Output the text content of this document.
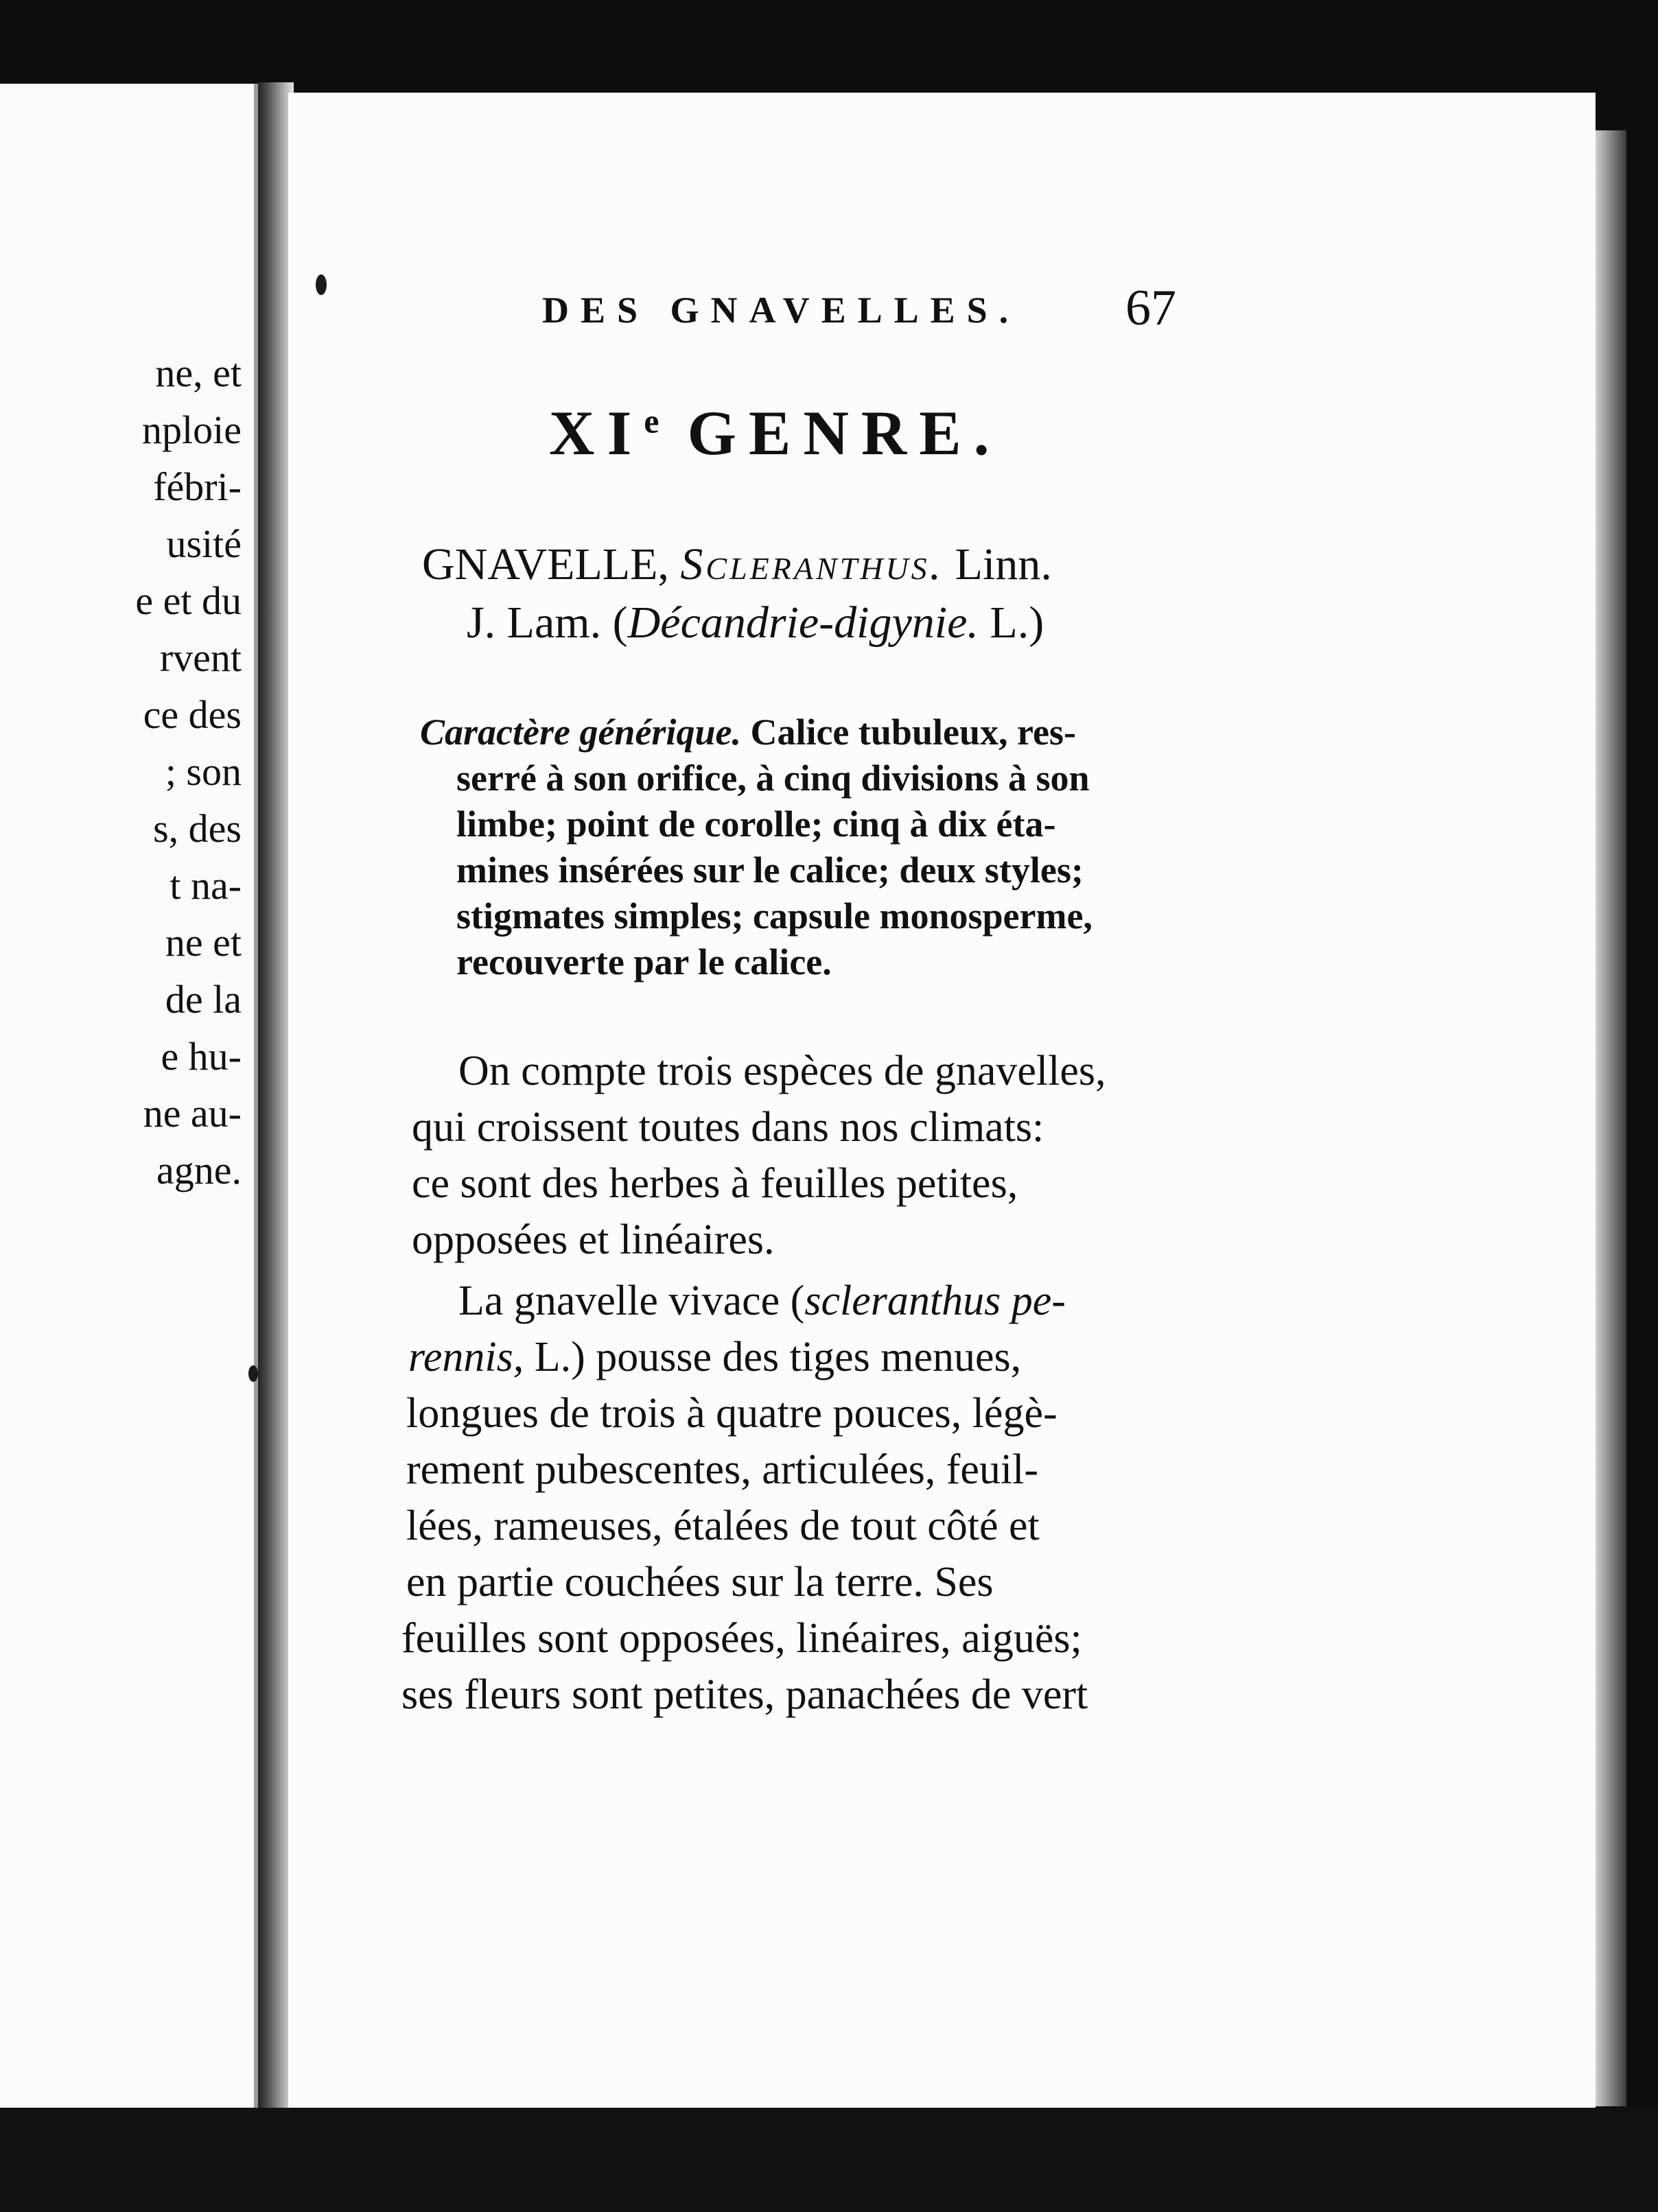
ne, et
nploie
fébri-
usité
e et du
rvent
ce des
; son
s, des
t na-
ne et
de la
e hu-
ne au-
agne.
DES GNAVELLES. 67
XIe GENRE.
GNAVELLE, Scleranthus. Linn.
J. Lam. (Décandrie-digynie. L.)
Caractère générique. Calice tubuleux, res-
serré à son orifice, à cinq divisions à son
limbe; point de corolle; cinq à dix éta-
mines insérées sur le calice; deux styles;
stigmates simples; capsule monosperme,
recouverte par le calice.
On compte trois espèces de gnavelles,
qui croissent toutes dans nos climats:
ce sont des herbes à feuilles petites,
opposées et linéaires.
La gnavelle vivace (scleranthus pe-
rennis, L.) pousse des tiges menues,
longues de trois à quatre pouces, légè-
rement pubescentes, articulées, feuil-
lées, rameuses, étalées de tout côté et
en partie couchées sur la terre. Ses
feuilles sont opposées, linéaires, aiguës;
ses fleurs sont petites, panachées de vert
